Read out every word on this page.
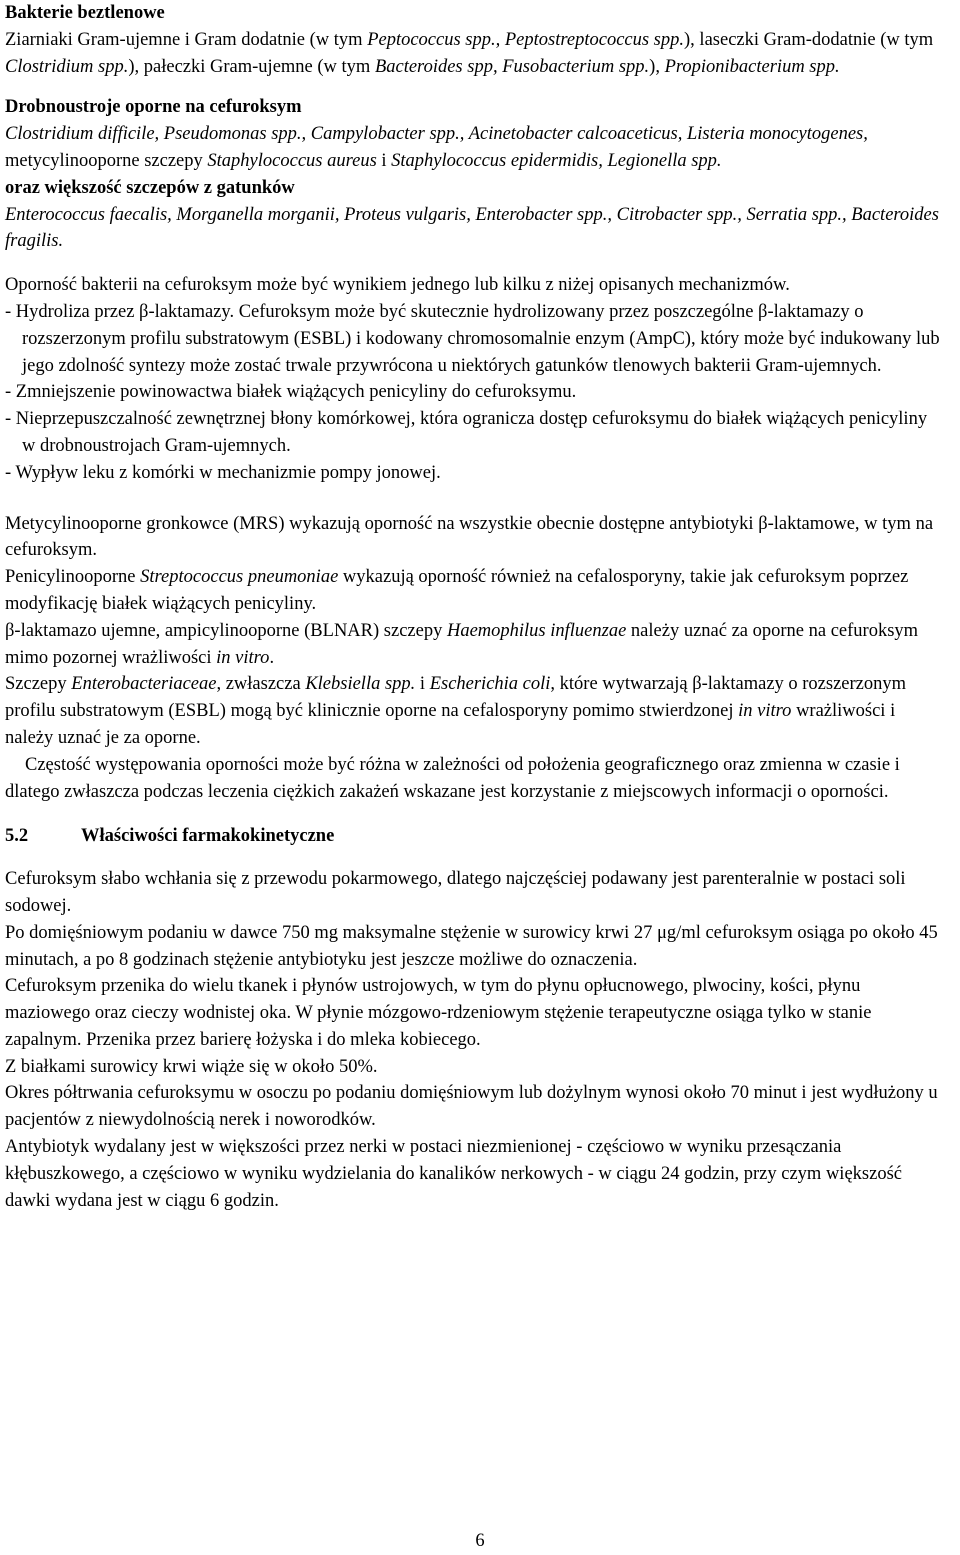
Bakterie beztlenowe

Ziarniaki Gram-ujemne i Gram dodatnie (w tym Peptococcus spp., Peptostreptococcus spp.), laseczki Gram-dodatnie (w tym Clostridium spp.), pałeczki Gram-ujemne (w tym Bacteroides spp, Fusobacterium spp.), Propionibacterium spp.

Drobnoustroje oporne na cefuroksym

Clostridium difficile, Pseudomonas spp., Campylobacter spp., Acinetobacter calcoaceticus, Listeria monocytogenes, metycylinooporne szczepy Staphylococcus aureus i Staphylococcus epidermidis, Legionella spp.

oraz większość szczepów z gatunków

Enterococcus faecalis, Morganella morganii, Proteus vulgaris, Enterobacter spp., Citrobacter spp., Serratia spp., Bacteroides fragilis.

Oporność bakterii na cefuroksym może być wynikiem jednego lub kilku z niżej opisanych mechanizmów.

- Hydroliza przez β-laktamazy. Cefuroksym może być skutecznie hydrolizowany przez poszczególne β-laktamazy o rozszerzonym profilu substratowym (ESBL) i kodowany chromosomalnie enzym (AmpC), który może być indukowany lub jego zdolność syntezy może zostać trwale przywrócona u niektórych gatunków tlenowych bakterii Gram-ujemnych.

- Zmniejszenie powinowactwa białek wiążących penicyliny do cefuroksymu.

- Nieprzepuszczalność zewnętrznej błony komórkowej, która ogranicza dostęp cefuroksymu do białek wiążących penicyliny w drobnoustrojach Gram-ujemnych.

- Wypływ leku z komórki w mechanizmie pompy jonowej.

Metycylinooporne gronkowce (MRS) wykazują oporność na wszystkie obecnie dostępne antybiotyki β-laktamowe, w tym na cefuroksym.

Penicylinooporne Streptococcus pneumoniae wykazują oporność również na cefalosporyny, takie jak cefuroksym poprzez modyfikację białek wiążących penicyliny.

β-laktamazo ujemne, ampicylinooporne (BLNAR) szczepy Haemophilus influenzae należy uznać za oporne na cefuroksym mimo pozornej wrażliwości in vitro.

Szczepy Enterobacteriaceae, zwłaszcza Klebsiella spp. i Escherichia coli, które wytwarzają β-laktamazy o rozszerzonym profilu substratowym (ESBL) mogą być klinicznie oporne na cefalosporyny pomimo stwierdzonej in vitro wrażliwości i należy uznać je za oporne.

Częstość występowania oporności może być różna w zależności od położenia geograficznego oraz zmienna w czasie i dlatego zwłaszcza podczas leczenia ciężkich zakażeń wskazane jest korzystanie z miejscowych informacji o oporności.

5.2	Właściwości farmakokinetyczne

Cefuroksym słabo wchłania się z przewodu pokarmowego, dlatego najczęściej podawany jest parenteralnie w postaci soli sodowej.

Po domięśniowym podaniu w dawce 750 mg maksymalne stężenie w surowicy krwi 27 μg/ml cefuroksym osiąga po około 45 minutach, a po 8 godzinach stężenie antybiotyku jest jeszcze możliwe do oznaczenia.

Cefuroksym przenika do wielu tkanek i płynów ustrojowych, w tym do płynu opłucnowego, plwociny, kości, płynu maziowego oraz cieczy wodnistej oka. W płynie mózgowo-rdzeniowym stężenie terapeutyczne osiąga tylko w stanie zapalnym. Przenika przez barierę łożyska i do mleka kobiecego.

Z białkami surowicy krwi wiąże się w około 50%.

Okres półtrwania cefuroksymu w osoczu po podaniu domięśniowym lub dożylnym wynosi około 70 minut i jest wydłużony u pacjentów z niewydolnością nerek i noworodków.

Antybiotyk wydalany jest w większości przez nerki w postaci niezmienionej - częściowo w wyniku przesączania kłębuszkowego, a częściowo w wyniku wydzielania do kanalików nerkowych - w ciągu 24 godzin, przy czym większość dawki wydana jest w ciągu 6 godzin.

6
